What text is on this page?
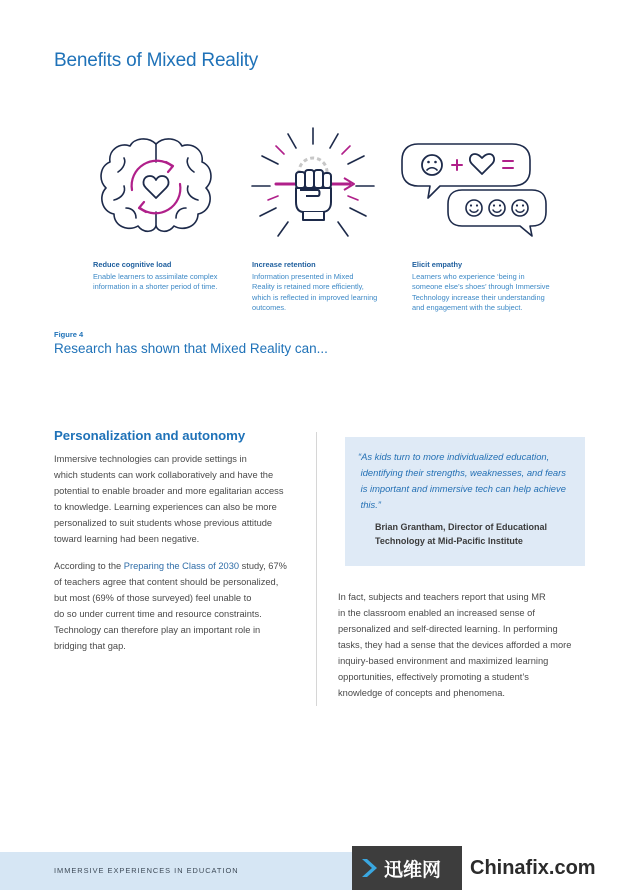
Benefits of Mixed Reality
Reduce cognitive load

Enable learners to assimilate complex
information in a shorter period of time.

Increase retention

Information presented in Mixed
Reality is retained more efficiently,
which is reflected in improved learning
outcomes.

Elicit empathy

Learners who experience ‘being in
someone else’s shoes’ through Immersive
Technology increase their understanding
and engagement with the subject.

Figure 4
Research has shown that Mixed Reality can...
Personalization and autonomy

Immersive technologies can provide settings in
which students can work collaboratively and have the
potential to enable broader and more egalitarian access
to knowledge. Learning experiences can also be more
personalized to suit students whose previous attitude
toward learning had been negative.

According to the Preparing the Class of 2030 study, 67%
of teachers agree that content should be personalized,
but most (69% of those surveyed) feel unable to
do so under current time and resource constraints.
Technology can therefore play an important role in
bridging that gap.

“As kids turn to more individualized education,
identifying their strengths, weaknesses, and fears
is important and immersive tech can help achieve
this.”

Brian Grantham, Director of Educational
Technology at Mid-Pacific Institute

In fact, subjects and teachers report that using MR
in the classroom enabled an increased sense of
personalized and self-directed learning. In performing
tasks, they had a sense that the devices afforded a more
inquiry-based environment and maximized learning
opportunities, effectively promoting a student’s
knowledge of concepts and phenomena.

IMMERSIVE EXPERIENCES IN EDUCATION	迅维网	Chinafix.com
